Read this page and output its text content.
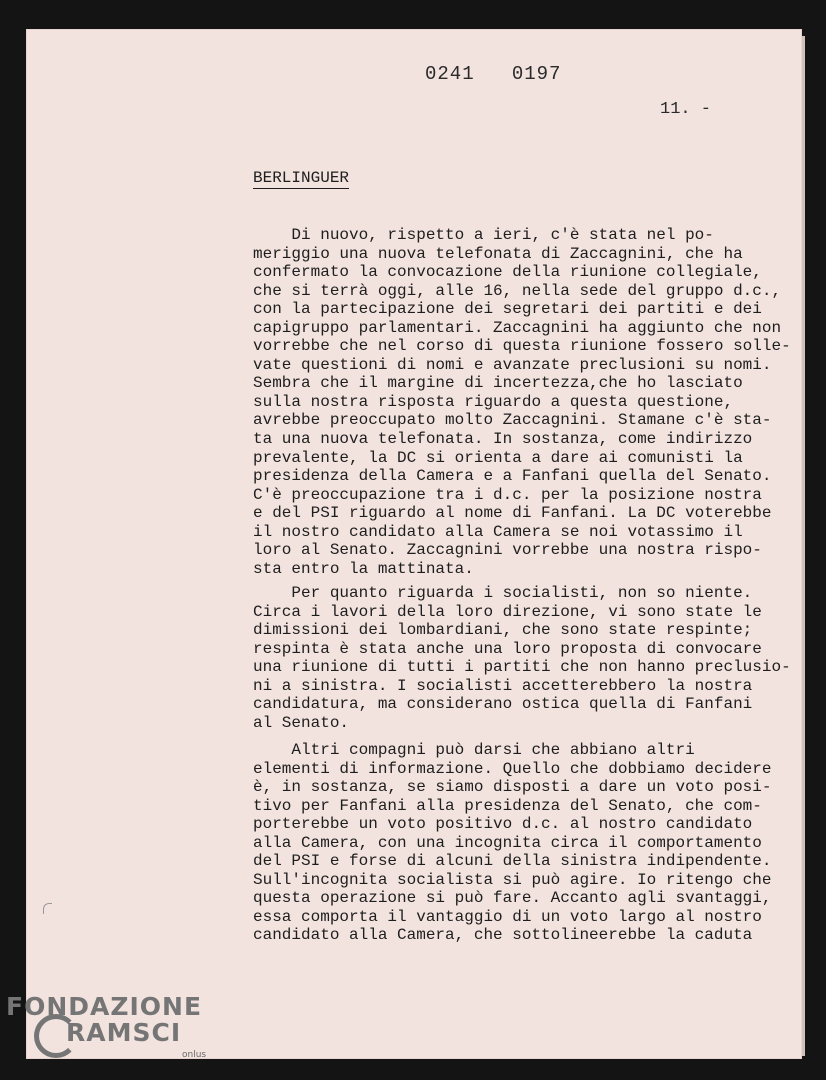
0241   0197
11. -
BERLINGUER

Di nuovo, rispetto a ieri, c'è stata nel po-
meriggio una nuova telefonata di Zaccagnini, che ha
confermato la convocazione della riunione collegiale,
che si terrà oggi, alle 16, nella sede del gruppo d.c.,
con la partecipazione dei segretari dei partiti e dei
capigruppo parlamentari. Zaccagnini ha aggiunto che non
vorrebbe che nel corso di questa riunione fossero solle-
vate questioni di nomi e avanzate preclusioni su nomi.
Sembra che il margine di incertezza,che ho lasciato
sulla nostra risposta riguardo a questa questione,
avrebbe preoccupato molto Zaccagnini. Stamane c'è sta-
ta una nuova telefonata. In sostanza, come indirizzo
prevalente, la DC si orienta a dare ai comunisti la
presidenza della Camera e a Fanfani quella del Senato.
C'è preoccupazione tra i d.c. per la posizione nostra
e del PSI riguardo al nome di Fanfani. La DC voterebbe
il nostro candidato alla Camera se noi votassimo il
loro al Senato. Zaccagnini vorrebbe una nostra rispo-
sta entro la mattinata.

Per quanto riguarda i socialisti, non so niente.
Circa i lavori della loro direzione, vi sono state le
dimissioni dei lombardiani, che sono state respinte;
respinta è stata anche una loro proposta di convocare
una riunione di tutti i partiti che non hanno preclusio-
ni a sinistra. I socialisti accetterebbero la nostra
candidatura, ma considerano ostica quella di Fanfani
al Senato.

Altri compagni può darsi che abbiano altri
elementi di informazione. Quello che dobbiamo decidere
è, in sostanza, se siamo disposti a dare un voto posi-
tivo per Fanfani alla presidenza del Senato, che com-
porterebbe un voto positivo d.c. al nostro candidato
alla Camera, con una incognita circa il comportamento
del PSI e forse di alcuni della sinistra indipendente.
Sull'incognita socialista si può agire. Io ritengo che
questa operazione si può fare. Accanto agli svantaggi,
essa comporta il vantaggio di un voto largo al nostro
candidato alla Camera, che sottolineerebbe la caduta

FONDAZIONE
RAMSCI
onlus
